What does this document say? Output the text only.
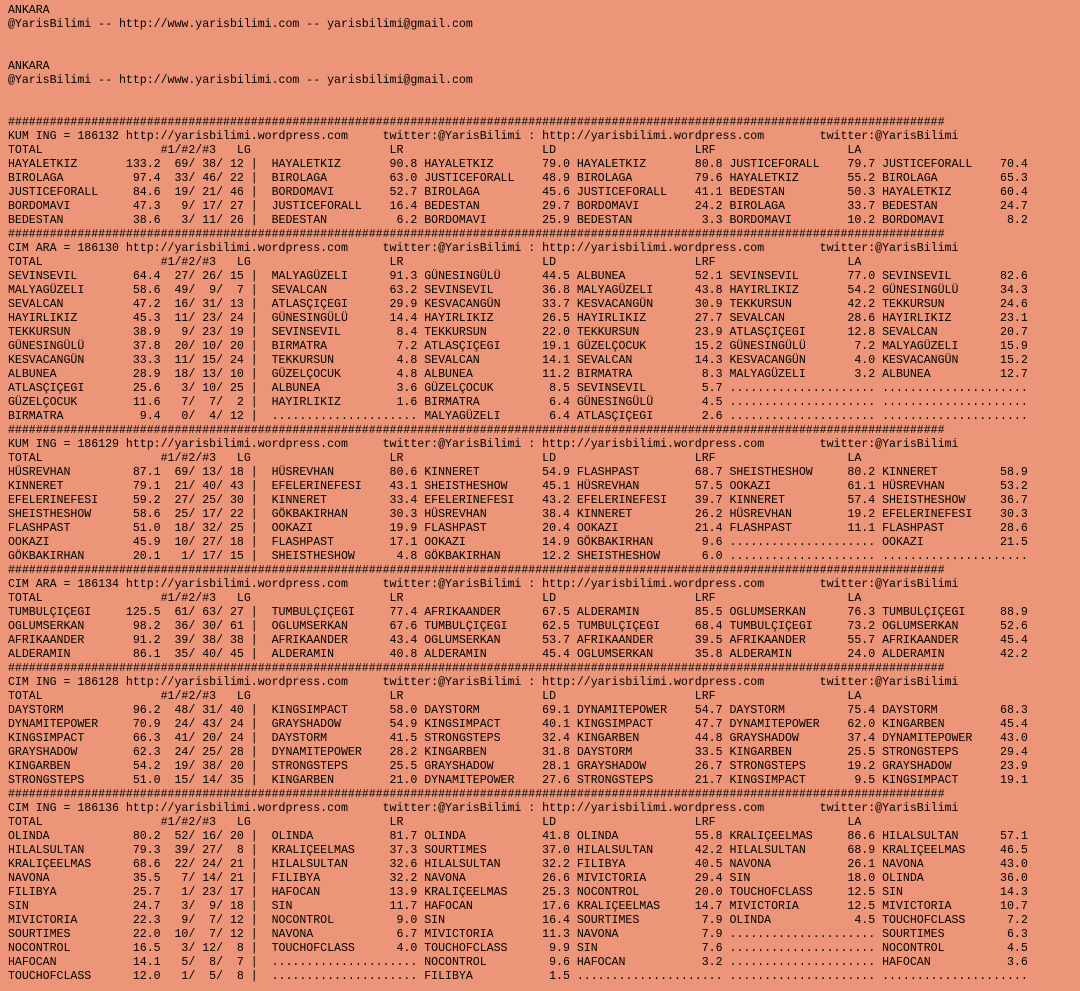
ANKARA
@YarisBilimi -- http://www.yarisbilimi.com -- yarisbilimi@gmail.com
ANKARA
@YarisBilimi -- http://www.yarisbilimi.com -- yarisbilimi@gmail.com
#######################################################################################################################################
KUM ING = 186132 http://yarisbilimi.wordpress.com     twitter:@YarisBilimi : http://yarisbilimi.wordpress.com        twitter:@YarisBilimi
TOTAL                 #1/#2/#3   LG                    LR                    LD                    LRF                   LA
HAYALETKIZ       133.2  69/ 38/ 12 |  HAYALETKIZ       90.8 HAYALETKIZ       79.0 HAYALETKIZ       80.8 JUSTICEFORALL    79.7 JUSTICEFORALL    70.4
BIROLAGA          97.4  33/ 46/ 22 |  BIROLAGA         63.0 JUSTICEFORALL    48.9 BIROLAGA         79.6 HAYALETKIZ       55.2 BIROLAGA         65.3
JUSTICEFORALL     84.6  19/ 21/ 46 |  BORDOMAVI        52.7 BIROLAGA         45.6 JUSTICEFORALL    41.1 BEDESTAN         50.3 HAYALETKIZ       60.4
BORDOMAVI         47.3   9/ 17/ 27 |  JUSTICEFORALL    16.4 BEDESTAN         29.7 BORDOMAVI        24.2 BIROLAGA         33.7 BEDESTAN         24.7
BEDESTAN          38.6   3/ 11/ 26 |  BEDESTAN          6.2 BORDOMAVI        25.9 BEDESTAN          3.3 BORDOMAVI        10.2 BORDOMAVI         8.2
#######################################################################################################################################
CIM ARA = 186130 http://yarisbilimi.wordpress.com     twitter:@YarisBilimi : http://yarisbilimi.wordpress.com        twitter:@YarisBilimi
TOTAL                 #1/#2/#3   LG                    LR                    LD                    LRF                   LA
SEVINSEVIL        64.4  27/ 26/ 15 |  MALYAGÜZELI      91.3 GÜNESINGÜLÜ      44.5 ALBUNEA          52.1 SEVINSEVIL       77.0 SEVINSEVIL       82.6
MALYAGÜZELI       58.6  49/  9/  7 |  SEVALCAN         63.2 SEVINSEVIL       36.8 MALYAGÜZELI      43.8 HAYIRLIKIZ       54.2 GÜNESINGÜLÜ      34.3
SEVALCAN          47.2  16/ 31/ 13 |  ATLASÇIÇEGI      29.9 KESVACANGÜN      33.7 KESVACANGÜN      30.9 TEKKURSUN        42.2 TEKKURSUN        24.6
HAYIRLIKIZ        45.3  11/ 23/ 24 |  GÜNESINGÜLÜ      14.4 HAYIRLIKIZ       26.5 HAYIRLIKIZ       27.7 SEVALCAN         28.6 HAYIRLIKIZ       23.1
TEKKURSUN         38.9   9/ 23/ 19 |  SEVINSEVIL        8.4 TEKKURSUN        22.0 TEKKURSUN        23.9 ATLASÇIÇEGI      12.8 SEVALCAN         20.7
GÜNESINGÜLÜ       37.8  20/ 10/ 20 |  BIRMATRA          7.2 ATLASÇIÇEGI      19.1 GÜZELÇOCUK       15.2 GÜNESINGÜLÜ       7.2 MALYAGÜZELI      15.9
KESVACANGÜN       33.3  11/ 15/ 24 |  TEKKURSUN         4.8 SEVALCAN         14.1 SEVALCAN         14.3 KESVACANGÜN       4.0 KESVACANGÜN      15.2
ALBUNEA           28.9  18/ 13/ 10 |  GÜZELÇOCUK        4.8 ALBUNEA          11.2 BIRMATRA          8.3 MALYAGÜZELI       3.2 ALBUNEA          12.7
ATLASÇIÇEGI       25.6   3/ 10/ 25 |  ALBUNEA           3.6 GÜZELÇOCUK        8.5 SEVINSEVIL        5.7 ..................... .....................
GÜZELÇOCUK        11.6   7/  7/  2 |  HAYIRLIKIZ        1.6 BIRMATRA          6.4 GÜNESINGÜLÜ       4.5 ..................... .....................
BIRMATRA           9.4   0/  4/ 12 |  ..................... MALYAGÜZELI       6.4 ATLASÇIÇEGI       2.6 ..................... .....................
#######################################################################################################################################
KUM ING = 186129 http://yarisbilimi.wordpress.com     twitter:@YarisBilimi : http://yarisbilimi.wordpress.com        twitter:@YarisBilimi
TOTAL                 #1/#2/#3   LG                    LR                    LD                    LRF                   LA
HÜSREVHAN         87.1  69/ 13/ 18 |  HÜSREVHAN        80.6 KINNERET         54.9 FLASHPAST        68.7 SHEISTHESHOW     80.2 KINNERET         58.9
KINNERET          79.1  21/ 40/ 43 |  EFELERINEFESI    43.1 SHEISTHESHOW     45.1 HÜSREVHAN        57.5 OOKAZI           61.1 HÜSREVHAN        53.2
EFELERINEFESI     59.2  27/ 25/ 30 |  KINNERET         33.4 EFELERINEFESI    43.2 EFELERINEFESI    39.7 KINNERET         57.4 SHEISTHESHOW     36.7
SHEISTHESHOW      58.6  25/ 17/ 22 |  GÖKBAKIRHAN      30.3 HÜSREVHAN        38.4 KINNERET         26.2 HÜSREVHAN        19.2 EFELERINEFESI    30.3
FLASHPAST         51.0  18/ 32/ 25 |  OOKAZI           19.9 FLASHPAST        20.4 OOKAZI           21.4 FLASHPAST        11.1 FLASHPAST        28.6
OOKAZI            45.9  10/ 27/ 18 |  FLASHPAST        17.1 OOKAZI           14.9 GÖKBAKIRHAN       9.6 ..................... OOKAZI           21.5
GÖKBAKIRHAN       20.1   1/ 17/ 15 |  SHEISTHESHOW      4.8 GÖKBAKIRHAN      12.2 SHEISTHESHOW      6.0 ..................... .....................
#######################################################################################################################################
CIM ARA = 186134 http://yarisbilimi.wordpress.com     twitter:@YarisBilimi : http://yarisbilimi.wordpress.com        twitter:@YarisBilimi
TOTAL                 #1/#2/#3   LG                    LR                    LD                    LRF                   LA
TUMBULÇIÇEGI     125.5  61/ 63/ 27 |  TUMBULÇIÇEGI     77.4 AFRIKAANDER      67.5 ALDERAMIN        85.5 OGLUMSERKAN      76.3 TUMBULÇIÇEGI     88.9
OGLUMSERKAN       98.2  36/ 30/ 61 |  OGLUMSERKAN      67.6 TUMBULÇIÇEGI     62.5 TUMBULÇIÇEGI     68.4 TUMBULÇIÇEGI     73.2 OGLUMSERKAN      52.6
AFRIKAANDER       91.2  39/ 38/ 38 |  AFRIKAANDER      43.4 OGLUMSERKAN      53.7 AFRIKAANDER      39.5 AFRIKAANDER      55.7 AFRIKAANDER      45.4
ALDERAMIN         86.1  35/ 40/ 45 |  ALDERAMIN        40.8 ALDERAMIN        45.4 OGLUMSERKAN      35.8 ALDERAMIN        24.0 ALDERAMIN        42.2
#######################################################################################################################################
CIM ING = 186128 http://yarisbilimi.wordpress.com     twitter:@YarisBilimi : http://yarisbilimi.wordpress.com        twitter:@YarisBilimi
TOTAL                 #1/#2/#3   LG                    LR                    LD                    LRF                   LA
DAYSTORM          96.2  48/ 31/ 40 |  KINGSIMPACT      58.0 DAYSTORM         69.1 DYNAMITEPOWER    54.7 DAYSTORM         75.4 DAYSTORM         68.3
DYNAMITEPOWER     70.9  24/ 43/ 24 |  GRAYSHADOW       54.9 KINGSIMPACT      40.1 KINGSIMPACT      47.7 DYNAMITEPOWER    62.0 KINGARBEN        45.4
KINGSIMPACT       66.3  41/ 20/ 24 |  DAYSTORM         41.5 STRONGSTEPS      32.4 KINGARBEN        44.8 GRAYSHADOW       37.4 DYNAMITEPOWER    43.0
GRAYSHADOW        62.3  24/ 25/ 28 |  DYNAMITEPOWER    28.2 KINGARBEN        31.8 DAYSTORM         33.5 KINGARBEN        25.5 STRONGSTEPS      29.4
KINGARBEN         54.2  19/ 38/ 20 |  STRONGSTEPS      25.5 GRAYSHADOW       28.1 GRAYSHADOW       26.7 STRONGSTEPS      19.2 GRAYSHADOW       23.9
STRONGSTEPS       51.0  15/ 14/ 35 |  KINGARBEN        21.0 DYNAMITEPOWER    27.6 STRONGSTEPS      21.7 KINGSIMPACT       9.5 KINGSIMPACT      19.1
#######################################################################################################################################
CIM ING = 186136 http://yarisbilimi.wordpress.com     twitter:@YarisBilimi : http://yarisbilimi.wordpress.com        twitter:@YarisBilimi
TOTAL                 #1/#2/#3   LG                    LR                    LD                    LRF                   LA
OLINDA            80.2  52/ 16/ 20 |  OLINDA           81.7 OLINDA           41.8 OLINDA           55.8 KRALIÇEELMAS     86.6 HILALSULTAN      57.1
HILALSULTAN       79.3  39/ 27/  8 |  KRALIÇEELMAS     37.3 SOURTIMES        37.0 HILALSULTAN      42.2 HILALSULTAN      68.9 KRALIÇEELMAS     46.5
KRALIÇEELMAS      68.6  22/ 24/ 21 |  HILALSULTAN      32.6 HILALSULTAN      32.2 FILIBYA          40.5 NAVONA           26.1 NAVONA           43.0
NAVONA            35.5   7/ 14/ 21 |  FILIBYA          32.2 NAVONA           26.6 MIVICTORIA       29.4 SIN              18.0 OLINDA           36.0
FILIBYA           25.7   1/ 23/ 17 |  HAFOCAN          13.9 KRALIÇEELMAS     25.3 NOCONTROL        20.0 TOUCHOFCLASS     12.5 SIN              14.3
SIN               24.7   3/  9/ 18 |  SIN              11.7 HAFOCAN          17.6 KRALIÇEELMAS     14.7 MIVICTORIA       12.5 MIVICTORIA       10.7
MIVICTORIA        22.3   9/  7/ 12 |  NOCONTROL         9.0 SIN              16.4 SOURTIMES         7.9 OLINDA            4.5 TOUCHOFCLASS      7.2
SOURTIMES         22.0  10/  7/ 12 |  NAVONA            6.7 MIVICTORIA       11.3 NAVONA            7.9 ..................... SOURTIMES         6.3
NOCONTROL         16.5   3/ 12/  8 |  TOUCHOFCLASS      4.0 TOUCHOFCLASS      9.9 SIN               7.6 ..................... NOCONTROL         4.5
HAFOCAN           14.1   5/  8/  7 |  ..................... NOCONTROL         9.6 HAFOCAN           3.2 ..................... HAFOCAN           3.6
TOUCHOFCLASS      12.0   1/  5/  8 |  ..................... FILIBYA           1.5 ..................... ..................... .....................
